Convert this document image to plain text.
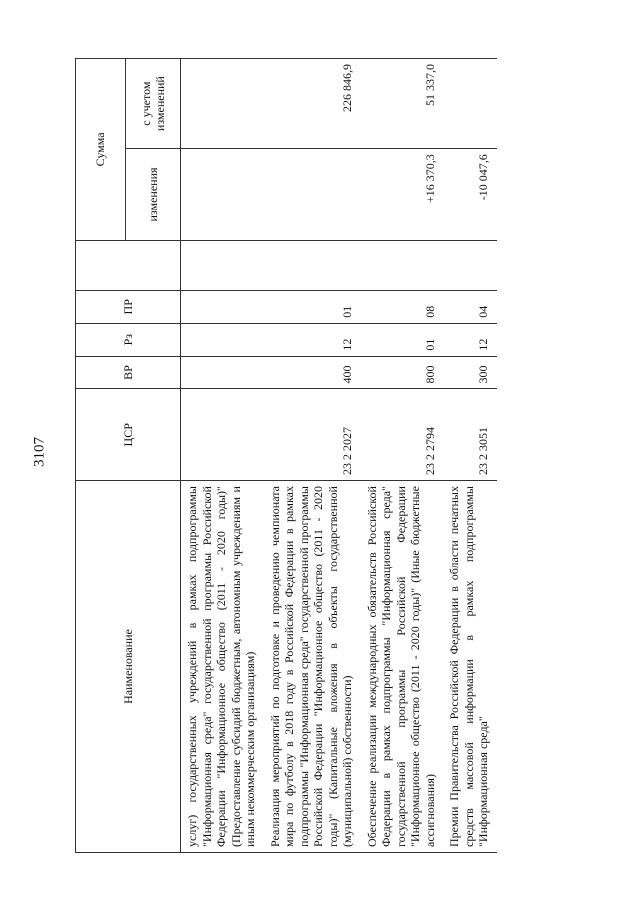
3107
Наименование	ЦСР	ВР	Рз	ПР		Сумма	
						изменения	с учетом изменений
услуг) государственных учреждений в рамках подпрограммы "Информационная среда" государственной программы Российской Федерации "Информационное общество (2011 - 2020 годы)" (Предоставление субсидий бюджетным, автономным учреждениям и иным некоммерческим организациям)							
Реализация мероприятий по подготовке и проведению чемпионата мира по футболу в 2018 году в Российской Федерации в рамках подпрограммы "Информационная среда" государственной программы Российской Федерации "Информационное общество (2011 - 2020 годы)" (Капитальные вложения в объекты государственной (муниципальной) собственности)	23 2 2027	400	12	01			226 846,9
Обеспечение реализации международных обязательств Российской Федерации в рамках подпрограммы "Информационная среда" государственной программы Российской Федерации "Информационное общество (2011 - 2020 годы)" (Иные бюджетные ассигнования)	23 2 2794	800	01	08		+16 370,3	51 337,0
Премии Правительства Российской Федерации в области печатных средств массовой информации в рамках подпрограммы "Информационная среда"	23 2 3051	300	12	04		-10 047,6	
